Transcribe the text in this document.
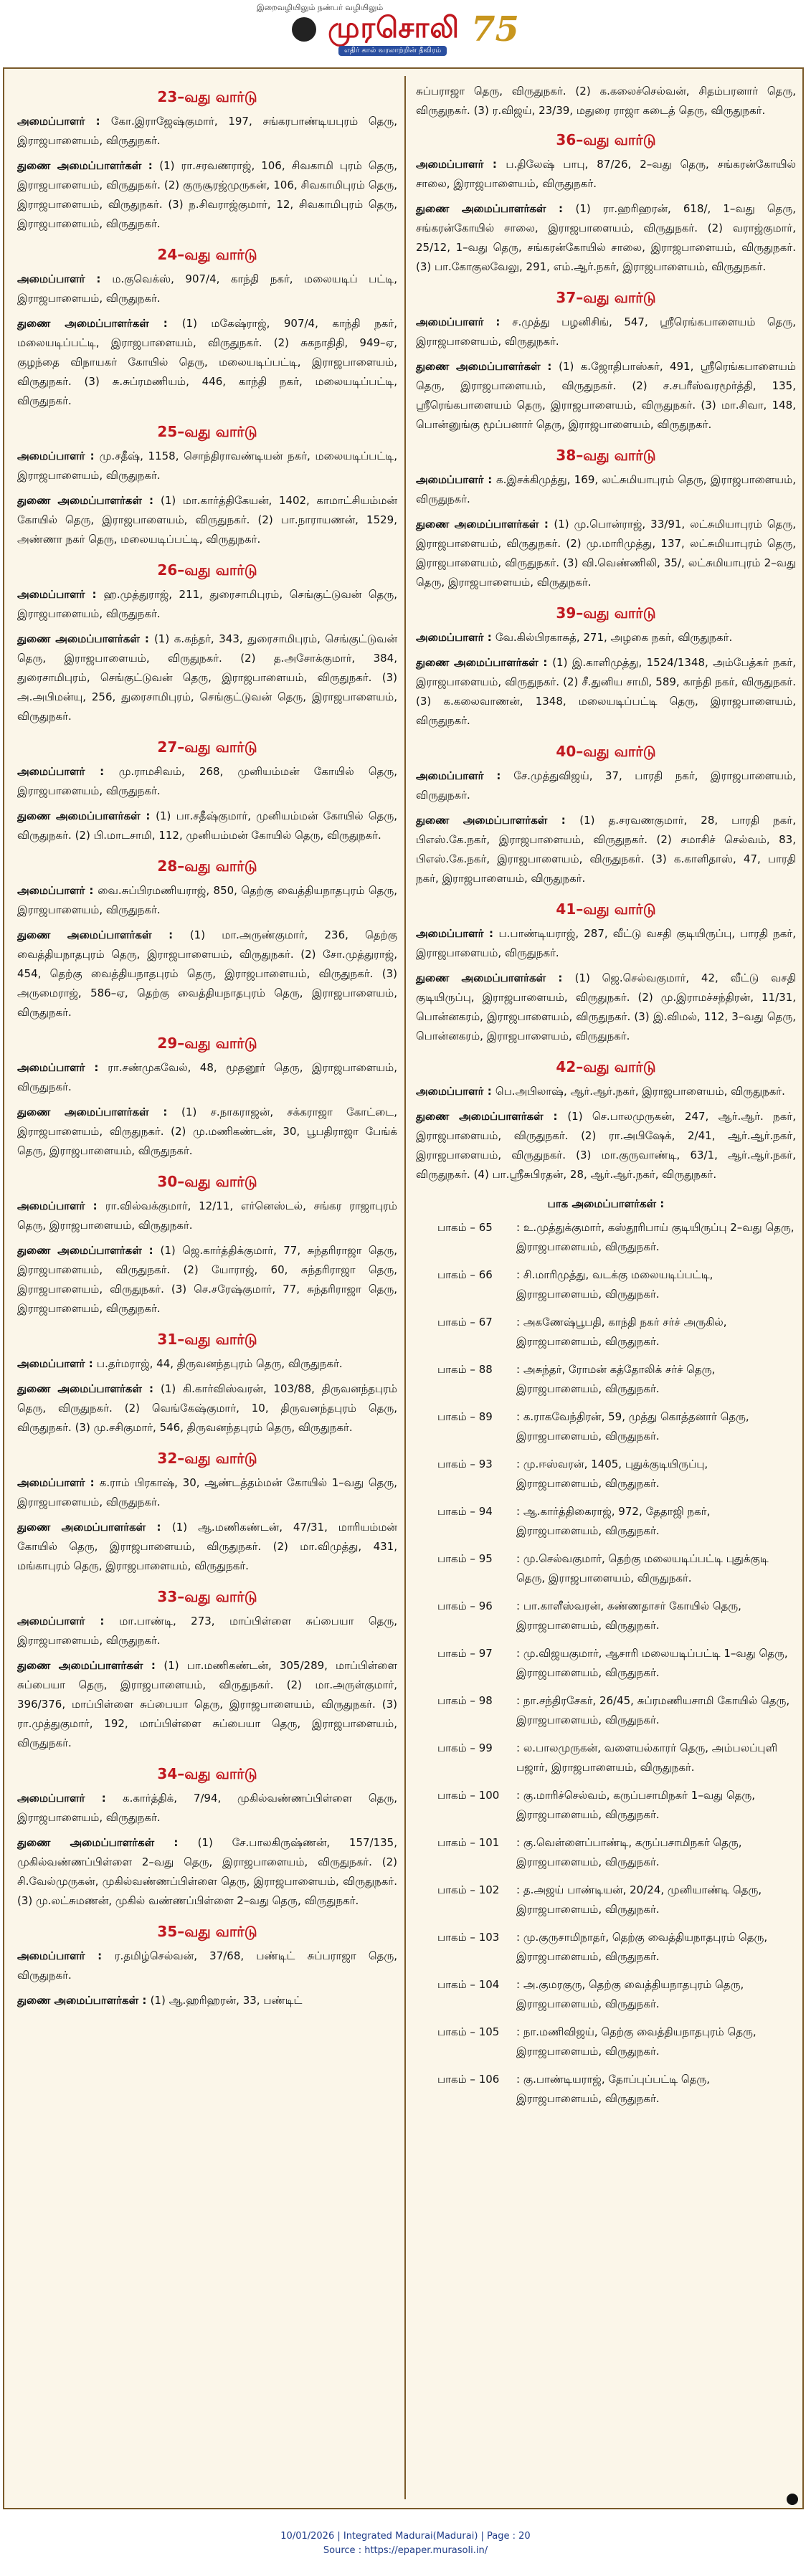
இறைவழியிலும் நண்பர் வழியிலும்
முரசொலி 75
எதிர் கால் வரலாற்றின் தீவிரம்
23–வது வார்டு

அமைப்பாளர் : கோ.இராஜேஷ்குமார், 197, சங்கரபாண்டியபுரம் தெரு, இராஜபாளையம், விருதுநகர்.

துணை அமைப்பாளர்கள் : (1) ரா.சரவணராஜ், 106, சிவகாமி புரம் தெரு, இராஜபாளையம், விருதுநகர். (2) குருசூரஜ்முருகன், 106, சிவகாமிபுரம் தெரு, இராஜபாளையம், விருதுநகர். (3) ந.சிவராஜ்குமார், 12, சிவகாமிபுரம் தெரு, இராஜபாளையம், விருதுநகர்.

24–வது வார்டு

அமைப்பாளர் : ம.குவெக்ஸ், 907/4, காந்தி நகர், மலையடிப் பட்டி, இராஜபாளையம், விருதுநகர்.

துணை அமைப்பாளர்கள் : (1) மகேஷ்ராஜ், 907/4, காந்தி நகர், மலையடிப்பட்டி, இராஜபாளையம், விருதுநகர். (2) சுகநாதிதி, 949–ஏ, குழந்தை விநாயகர் கோயில் தெரு, மலையடிப்பட்டி, இராஜபாளையம், விருதுநகர். (3) சு.சுப்ரமணியம், 446, காந்தி நகர், மலையடிப்பட்டி, விருதுநகர்.

25–வது வார்டு

அமைப்பாளர் : மு.சதீஷ், 1158, சொந்திராவண்டியன் நகர், மலையடிப்பட்டி, இராஜபாளையம், விருதுநகர்.

துணை அமைப்பாளர்கள் : (1) மா.கார்த்திகேயன், 1402, காமாட்சியம்மன் கோயில் தெரு, இராஜபாளையம், விருதுநகர். (2) பா.நாராயணன், 1529, அண்ணா நகர் தெரு, மலையடிப்பட்டி, விருதுநகர்.

26–வது வார்டு

அமைப்பாளர் : ஹ.முத்துராஜ், 211, துரைசாமிபுரம், செங்குட்டுவன் தெரு, இராஜபாளையம், விருதுநகர்.

துணை அமைப்பாளர்கள் : (1) க.கந்தர், 343, துரைசாமிபுரம், செங்குட்டுவன் தெரு, இராஜபாளையம், விருதுநகர். (2) த.அசோக்குமார், 384, துரைசாமிபுரம், செங்குட்டுவன் தெரு, இராஜபாளையம், விருதுநகர். (3) அ.அபிமன்யு, 256, துரைசாமிபுரம், செங்குட்டுவன் தெரு, இராஜபாளையம், விருதுநகர்.

27–வது வார்டு

அமைப்பாளர் : மு.ராமசிவம், 268, முனியம்மன் கோயில் தெரு, இராஜபாளையம், விருதுநகர்.

துணை அமைப்பாளர்கள் : (1) பா.சதீஷ்குமார், முனியம்மன் கோயில் தெரு, விருதுநகர். (2) பி.மாடசாமி, 112, முனியம்மன் கோயில் தெரு, விருதுநகர்.

28–வது வார்டு

அமைப்பாளர் : வை.சுப்பிரமணியராஜ், 850, தெற்கு வைத்தியநாதபுரம் தெரு, இராஜபாளையம், விருதுநகர்.

துணை அமைப்பாளர்கள் : (1) மா.அருண்குமார், 236, தெற்கு வைத்தியநாதபுரம் தெரு, இராஜபாளையம், விருதுநகர். (2) சோ.முத்துராஜ், 454, தெற்கு வைத்தியநாதபுரம் தெரு, இராஜபாளையம், விருதுநகர். (3) அருமைராஜ், 586–ஏ, தெற்கு வைத்தியநாதபுரம் தெரு, இராஜபாளையம், விருதுநகர்.

29–வது வார்டு

அமைப்பாளர் : ரா.சண்முகவேல், 48, மூதனூர் தெரு, இராஜபாளையம், விருதுநகர்.

துணை அமைப்பாளர்கள் : (1) ச.நாகராஜன், சக்கராஜா கோட்டை, இராஜபாளையம், விருதுநகர். (2) மு.மணிகண்டன், 30, பூபதிராஜா பேங்க் தெரு, இராஜபாளையம், விருதுநகர்.

30–வது வார்டு

அமைப்பாளர் : ரா.வில்வக்குமார், 12/11, எர்னெஸ்டல், சங்கர ராஜாபுரம் தெரு, இராஜபாளையம், விருதுநகர்.

துணை அமைப்பாளர்கள் : (1) ஜெ.கார்த்திக்குமார், 77, சுந்தரிராஜா தெரு, இராஜபாளையம், விருதுநகர். (2) யோராஜ், 60, சுந்தரிராஜா தெரு, இராஜபாளையம், விருதுநகர். (3) செ.சரேஷ்குமார், 77, சுந்தரிராஜா தெரு, இராஜபாளையம், விருதுநகர்.

31–வது வார்டு

அமைப்பாளர் : ப.தர்மராஜ், 44, திருவனந்தபுரம் தெரு, விருதுநகர்.

துணை அமைப்பாளர்கள் : (1) கி.கார்விஸ்வரன், 103/88, திருவனந்தபுரம் தெரு, விருதுநகர். (2) வெங்கேஷ்குமார், 10, திருவனந்தபுரம் தெரு, விருதுநகர். (3) மு.சசிகுமார், 546, திருவனந்தபுரம் தெரு, விருதுநகர்.

32–வது வார்டு

அமைப்பாளர் : க.ராம் பிரகாஷ், 30, ஆண்டத்தம்மன் கோயில் 1–வது தெரு, இராஜபாளையம், விருதுநகர்.

துணை அமைப்பாளர்கள் : (1) ஆ.மணிகண்டன், 47/31, மாரியம்மன் கோயில் தெரு, இராஜபாளையம், விருதுநகர். (2) மா.விமுத்து, 431, மங்காபுரம் தெரு, இராஜபாளையம், விருதுநகர்.

33–வது வார்டு

அமைப்பாளர் : மா.பாண்டி, 273, மாப்பிள்ளை சுப்பையா தெரு, இராஜபாளையம், விருதுநகர்.

துணை அமைப்பாளர்கள் : (1) பா.மணிகண்டன், 305/289, மாப்பிள்ளை சுப்பையா தெரு, இராஜபாளையம், விருதுநகர். (2) மா.அருள்குமார், 396/376, மாப்பிள்ளை சுப்பையா தெரு, இராஜபாளையம், விருதுநகர். (3) ரா.முத்துகுமார், 192, மாப்பிள்ளை சுப்பையா தெரு, இராஜபாளையம், விருதுநகர்.

34–வது வார்டு

அமைப்பாளர் : க.கார்த்திக், 7/94, முகில்வண்ணப்பிள்ளை தெரு, இராஜபாளையம், விருதுநகர்.

துணை அமைப்பாளர்கள் : (1) சே.பாலகிருஷ்ணன், 157/135, முகில்வண்ணப்பிள்ளை 2–வது தெரு, இராஜபாளையம், விருதுநகர். (2) சி.வேல்முருகன், முகில்வண்ணப்பிள்ளை தெரு, இராஜபாளையம், விருதுநகர். (3) மு.லட்சுமணன், முகில் வண்ணப்பிள்ளை 2–வது தெரு, விருதுநகர்.

35–வது வார்டு

அமைப்பாளர் : ர.தமிழ்செல்வன், 37/68, பண்டிட் சுப்பராஜா தெரு, விருதுநகர்.

துணை அமைப்பாளர்கள் : (1) ஆ.ஹரிஹரன், 33, பண்டிட்

சுப்பராஜா தெரு, விருதுநகர். (2) க.கலைச்செல்வன், சிதம்பரனார் தெரு, விருதுநகர். (3) ர.விஜய், 23/39, மதுரை ராஜா கடைத் தெரு, விருதுநகர்.

36–வது வார்டு

அமைப்பாளர் : ப.திலேஷ் பாபு, 87/26, 2–வது தெரு, சங்கரன்கோயில் சாலை, இராஜபாளையம், விருதுநகர்.

துணை அமைப்பாளர்கள் : (1) ரா.ஹரிஹரன், 618/, 1–வது தெரு, சங்கரன்கோயில் சாலை, இராஜபாளையம், விருதுநகர். (2) வராஜ்குமார், 25/12, 1–வது தெரு, சங்கரன்கோயில் சாலை, இராஜபாளையம், விருதுநகர். (3) பா.கோகுலவேலு, 291, எம்.ஆர்.நகர், இராஜபாளையம், விருதுநகர்.

37–வது வார்டு

அமைப்பாளர் : ச.முத்து பழனிசிங், 547, ஸ்ரீரெங்கபாளையம் தெரு, இராஜபாளையம், விருதுநகர்.

துணை அமைப்பாளர்கள் : (1) க.ஜோதிபாஸ்கர், 491, ஸ்ரீரெங்கபாளையம் தெரு, இராஜபாளையம், விருதுநகர். (2) ச.சபரீஸ்வரமூர்த்தி, 135, ஸ்ரீரெங்கபாளையம் தெரு, இராஜபாளையம், விருதுநகர். (3) மா.சிவா, 148, பொன்னுங்கு மூப்பனார் தெரு, இராஜபாளையம், விருதுநகர்.

38–வது வார்டு

அமைப்பாளர் : க.இசக்கிமுத்து, 169, லட்சுமியாபுரம் தெரு, இராஜபாளையம், விருதுநகர்.

துணை அமைப்பாளர்கள் : (1) மு.பொன்ராஜ், 33/91, லட்சுமியாபுரம் தெரு, இராஜபாளையம், விருதுநகர். (2) மு.மாரிமுத்து, 137, லட்சுமியாபுரம் தெரு, இராஜபாளையம், விருதுநகர். (3) வி.வெண்ணிலி, 35/, லட்சுமியாபுரம் 2–வது தெரு, இராஜபாளையம், விருதுநகர்.

39–வது வார்டு

அமைப்பாளர் : வே.கில்பிரகாசுத், 271, அழகை நகர், விருதுநகர்.

துணை அமைப்பாளர்கள் : (1) இ.காளிமுத்து, 1524/1348, அம்பேத்கர் நகர், இராஜபாளையம், விருதுநகர். (2) சீ.துனிய சாமி, 589, காந்தி நகர், விருதுநகர். (3) க.கலைவாணன், 1348, மலையடிப்பட்டி தெரு, இராஜபாளையம், விருதுநகர்.

40–வது வார்டு

அமைப்பாளர் : சே.முத்துவிஜய், 37, பாரதி நகர், இராஜபாளையம், விருதுநகர்.

துணை அமைப்பாளர்கள் : (1) த.சரவணகுமார், 28, பாரதி நகர், பிஎஸ்.கே.நகர், இராஜபாளையம், விருதுநகர். (2) சமாசிச் செல்வம், 83, பிஎஸ்.கே.நகர், இராஜபாளையம், விருதுநகர். (3) க.காளிதாஸ், 47, பாரதி நகர், இராஜபாளையம், விருதுநகர்.

41–வது வார்டு

அமைப்பாளர் : ப.பாண்டியராஜ், 287, வீட்டு வசதி குடியிருப்பு, பாரதி நகர், இராஜபாளையம், விருதுநகர்.

துணை அமைப்பாளர்கள் : (1) ஜெ.செல்வகுமார், 42, வீட்டு வசதி குடியிருப்பு, இராஜபாளையம், விருதுநகர். (2) மு.இராமச்சந்திரன், 11/31, பொன்னகரம், இராஜபாளையம், விருதுநகர். (3) இ.விமல், 112, 3–வது தெரு, பொன்னகரம், இராஜபாளையம், விருதுநகர்.

42–வது வார்டு

அமைப்பாளர் : பெ.அபிலாஷ், ஆர்.ஆர்.நகர், இராஜபாளையம், விருதுநகர்.

துணை அமைப்பாளர்கள் : (1) செ.பாலமுருகன், 247, ஆர்.ஆர். நகர், இராஜபாளையம், விருதுநகர். (2) ரா.அபிஷேக், 2/41, ஆர்.ஆர்.நகர், இராஜபாளையம், விருதுநகர். (3) மா.குருவாண்டி, 63/1, ஆர்.ஆர்.நகர், விருதுநகர். (4) பா.ஸ்ரீசுபிரதன், 28, ஆர்.ஆர்.நகர், விருதுநகர்.

பாக அமைப்பாளர்கள் :
பாகம் – 65	: உ.முத்துக்குமார், கஸ்தூரிபாய் குடியிருப்பு 2–வது தெரு, இராஜபாளையம், விருதுநகர்.
பாகம் – 66	: சி.மாரிமுத்து, வடக்கு மலையடிப்பட்டி, இராஜபாளையம், விருதுநகர்.
பாகம் – 67	: அகணேஷ்பூபதி, காந்தி நகர் சர்ச் அருகில், இராஜபாளையம், விருதுநகர்.
பாகம் – 88	: அசுந்தர், ரோமன் கத்தோலிக் சர்ச் தெரு, இராஜபாளையம், விருதுநகர்.
பாகம் – 89	: க.ராகவேந்திரன், 59, முத்து கொத்தனார் தெரு, இராஜபாளையம், விருதுநகர்.
பாகம் – 93	: மு.ஈஸ்வரன், 1405, புதுக்குடியிருப்பு, இராஜபாளையம், விருதுநகர்.
பாகம் – 94	: ஆ.கார்த்திகைராஜ், 972, தேதாஜி நகர், இராஜபாளையம், விருதுநகர்.
பாகம் – 95	: மு.செல்வகுமார், தெற்கு மலையடிப்பட்டி புதுக்குடி தெரு, இராஜபாளையம், விருதுநகர்.
பாகம் – 96	: பா.காளீஸ்வரன், கண்ணதாசர் கோயில் தெரு, இராஜபாளையம், விருதுநகர்.
பாகம் – 97	: மு.விஜயகுமார், ஆசாரி மலையடிப்பட்டி 1–வது தெரு, இராஜபாளையம், விருதுநகர்.
பாகம் – 98	: நா.சந்திரசேகர், 26/45, சுப்ரமணியசாமி கோயில் தெரு, இராஜபாளையம், விருதுநகர்.
பாகம் – 99	: ல.பாலமுருகன், வளையல்காரர் தெரு, அம்பலப்புளி பஜார், இராஜபாளையம், விருதுநகர்.
பாகம் – 100	: கு.மாரிச்செல்வம், கருப்பசாமிநகர் 1–வது தெரு, இராஜபாளையம், விருதுநகர்.
பாகம் – 101	: கு.வெள்ளைப்பாண்டி, கருப்பசாமிநகர் தெரு, இராஜபாளையம், விருதுநகர்.
பாகம் – 102	: த.அஜய் பாண்டியன், 20/24, முனியாண்டி தெரு, இராஜபாளையம், விருதுநகர்.
பாகம் – 103	: மு.குருசாமிநாதர், தெற்கு வைத்தியநாதபுரம் தெரு, இராஜபாளையம், விருதுநகர்.
பாகம் – 104	: அ.குமரகுரு, தெற்கு வைத்தியநாதபுரம் தெரு, இராஜபாளையம், விருதுநகர்.
பாகம் – 105	: நா.மணிவிஜய், தெற்கு வைத்தியநாதபுரம் தெரு, இராஜபாளையம், விருதுநகர்.
பாகம் – 106	: கு.பாண்டியராஜ், தோப்புப்பட்டி தெரு, இராஜபாளையம், விருதுநகர்.
10/01/2026 | Integrated Madurai(Madurai) | Page : 20
Source : https://epaper.murasoli.in/
